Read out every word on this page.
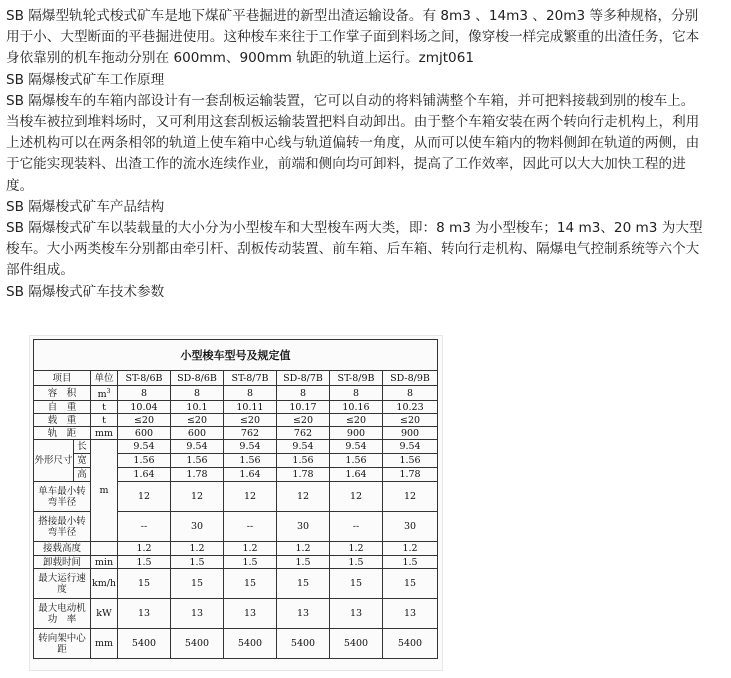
SB 隔爆型轨轮式梭式矿车是地下煤矿平巷掘进的新型出渣运输设备。有 8m3 、14m3 、20m3 等多种规格，分别用于小、大型断面的平巷掘进使用。这种梭车来往于工作掌子面到料场之间，像穿梭一样完成繁重的出渣任务，它本身依靠别的机车拖动分别在 600mm、900mm 轨距的轨道上运行。zmjt061

SB 隔爆梭式矿车工作原理

SB 隔爆梭车的车箱内部设计有一套刮板运输装置，它可以自动的将料铺满整个车箱，并可把料接载到别的梭车上。当梭车被拉到堆料场时，又可利用这套刮板运输装置把料自动卸出。由于整个车箱安装在两个转向行走机构上，利用上述机构可以在两条相邻的轨道上使车箱中心线与轨道偏转一角度，从而可以使车箱内的物料侧卸在轨道的两侧，由于它能实现装料、出渣工作的流水连续作业，前端和侧向均可卸料，提高了工作效率，因此可以大大加快工程的进度。

SB 隔爆梭式矿车产品结构

SB 隔爆梭式矿车以装载量的大小分为小型梭车和大型梭车两大类，即：8 m3 为小型梭车；14 m3、20 m3 为大型梭车。大小两类梭车分别都由牵引杆、刮板传动装置、前车箱、后车箱、转向行走机构、隔爆电气控制系统等六个大部件组成。

SB 隔爆梭式矿车技术参数

小型梭车型号及规定值								
项目		单位	ST-8/6B	SD-8/6B	ST-8/7B	SD-8/7B	ST-8/9B	SD-8/9B
容　积		$m^3$	8	8	8	8	8	8
自　重		t	10.04	10.1	10.11	10.17	10.16	10.23
载　重		t	≤20	≤20	≤20	≤20	≤20	≤20
轨　距		mm	600	600	762	762	900	900
外形尺寸	长	m	9.54	9.54	9.54	9.54	9.54	9.54
	宽		1.56	1.56	1.56	1.56	1.56	1.56
	高		1.64	1.78	1.64	1.78	1.64	1.78
单车最小转弯半径			12	12	12	12	12	12
搭接最小转弯半径			--	30	--	30	--	30
接载高度			1.2	1.2	1.2	1.2	1.2	1.2
卸载时间		min	1.5	1.5	1.5	1.5	1.5	1.5
最大运行速　度		km/h	15	15	15	15	15	15
最大电动机功　率		kW	13	13	13	13	13	13
转向架中心　距		mm	5400	5400	5400	5400	5400	5400
